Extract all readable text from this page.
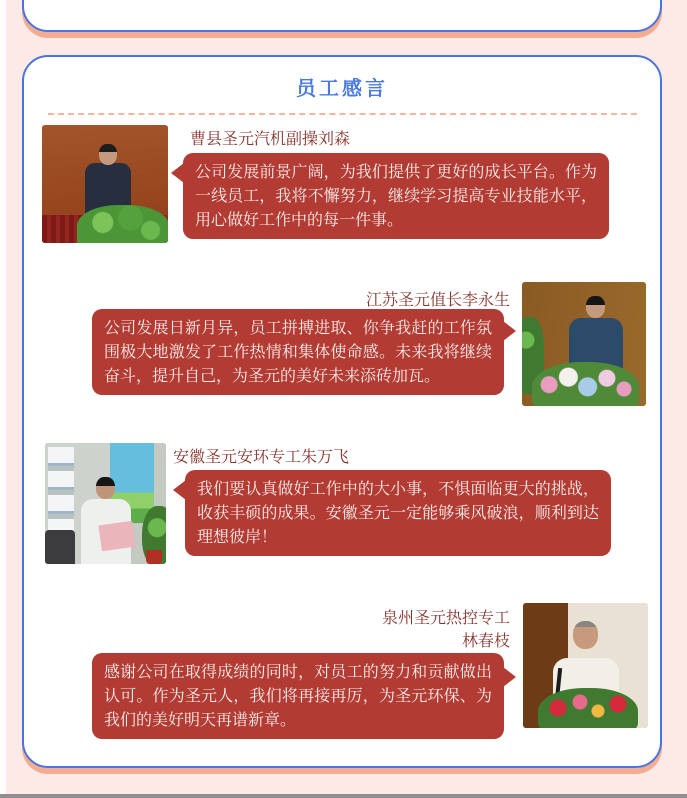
员工感言
曹县圣元汽机副操刘森
公司发展前景广阔，为我们提供了更好的成长平台。作为一线员工，我将不懈努力，继续学习提高专业技能水平，用心做好工作中的每一件事。
江苏圣元值长李永生
公司发展日新月异，员工拼搏进取、你争我赶的工作氛围极大地激发了工作热情和集体使命感。未来我将继续奋斗，提升自己，为圣元的美好未来添砖加瓦。
安徽圣元安环专工朱万飞
我们要认真做好工作中的大小事，不惧面临更大的挑战，收获丰硕的成果。安徽圣元一定能够乘风破浪，顺利到达理想彼岸！
泉州圣元热控专工
林春枝
感谢公司在取得成绩的同时，对员工的努力和贡献做出认可。作为圣元人，我们将再接再厉，为圣元环保、为我们的美好明天再谱新章。
